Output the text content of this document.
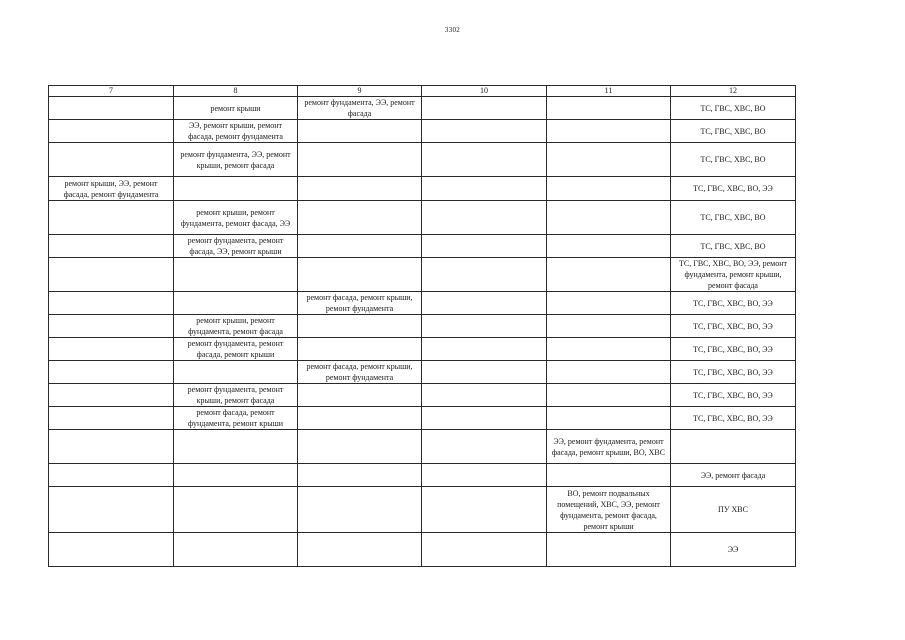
3302
7	8	9	10	11	12
	ремонт крыши	ремонт фундамента, ЭЭ, ремонт фасада			ТС, ГВС, ХВС, ВО
	ЭЭ, ремонт крыши, ремонт фасада, ремонт фундамента				ТС, ГВС, ХВС, ВО
	ремонт фундамента, ЭЭ, ремонт крыши, ремонт фасада				ТС, ГВС, ХВС, ВО
ремонт крыши, ЭЭ, ремонт фасада, ремонт фундамента					ТС, ГВС, ХВС, ВО, ЭЭ
	ремонт крыши, ремонт фундамента, ремонт фасада, ЭЭ				ТС, ГВС, ХВС, ВО
	ремонт фундамента, ремонт фасада, ЭЭ, ремонт крыши				ТС, ГВС, ХВС, ВО
					ТС, ГВС, ХВС, ВО, ЭЭ, ремонт фундамента, ремонт крыши, ремонт фасада
		ремонт фасада, ремонт крыши, ремонт фундамента			ТС, ГВС, ХВС, ВО, ЭЭ
	ремонт крыши, ремонт фундамента, ремонт фасада				ТС, ГВС, ХВС, ВО, ЭЭ
	ремонт фундамента, ремонт фасада, ремонт крыши				ТС, ГВС, ХВС, ВО, ЭЭ
		ремонт фасада, ремонт крыши, ремонт фундамента			ТС, ГВС, ХВС, ВО, ЭЭ
	ремонт фундамента, ремонт крыши, ремонт фасада				ТС, ГВС, ХВС, ВО, ЭЭ
	ремонт фасада, ремонт фундамента, ремонт крыши				ТС, ГВС, ХВС, ВО, ЭЭ
				ЭЭ, ремонт фундамента, ремонт фасада, ремонт крыши, ВО, ХВС	
					ЭЭ, ремонт фасада
				ВО, ремонт подвальных помещений, ХВС, ЭЭ, ремонт фундамента, ремонт фасада, ремонт крыши	ПУ ХВС
					ЭЭ
